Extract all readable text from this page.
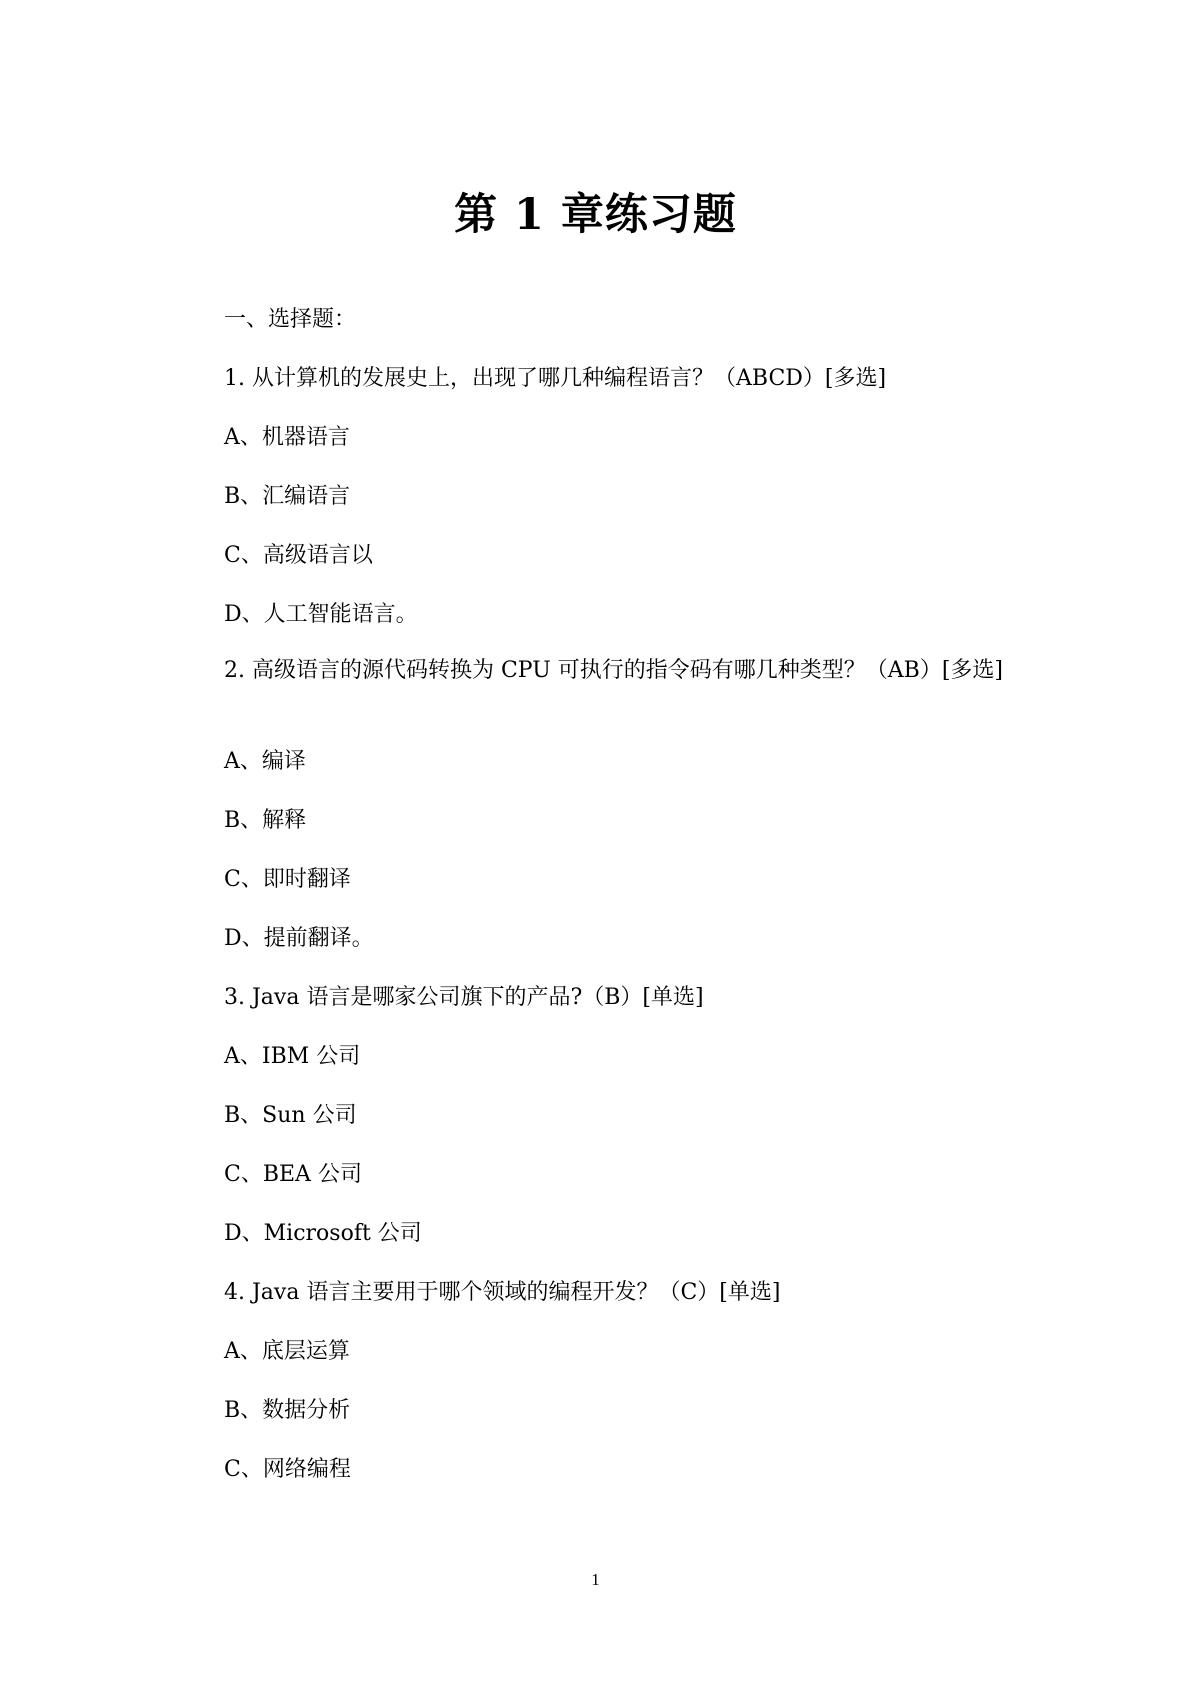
第 1 章练习题
一、选择题：
1. 从计算机的发展史上，出现了哪几种编程语言？（ABCD）[多选]
A、机器语言
B、汇编语言
C、高级语言以
D、人工智能语言。
2. 高级语言的源代码转换为 CPU 可执行的指令码有哪几种类型？（AB）[多选]
A、编译
B、解释
C、即时翻译
D、提前翻译。
3. Java 语言是哪家公司旗下的产品?（B）[单选]
A、IBM 公司
B、Sun 公司
C、BEA 公司
D、Microsoft 公司
4. Java 语言主要用于哪个领域的编程开发？（C）[单选]
A、底层运算
B、数据分析
C、网络编程
1
